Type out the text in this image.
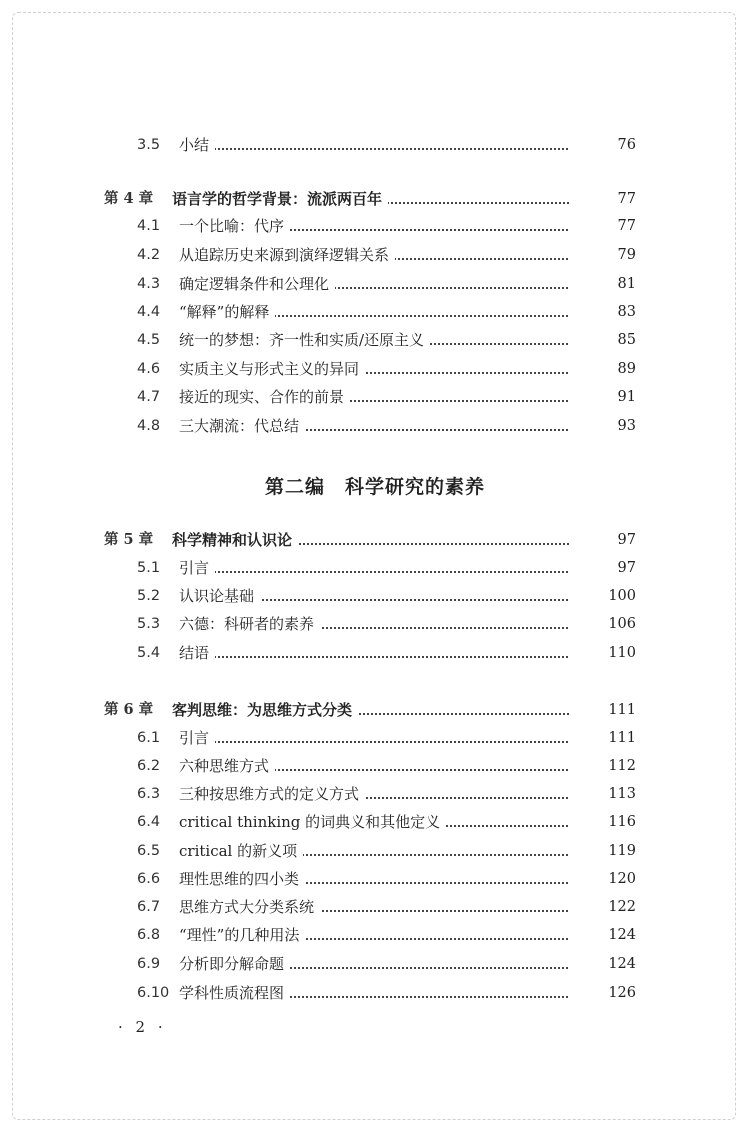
3.5 小结	76
第 4 章 语言学的哲学背景：流派两百年	77
4.1 一个比喻：代序	77
4.2 从追踪历史来源到演绎逻辑关系	79
4.3 确定逻辑条件和公理化	81
4.4 “解释”的解释	83
4.5 统一的梦想：齐一性和实质/还原主义	85
4.6 实质主义与形式主义的异同	89
4.7 接近的现实、合作的前景	91
4.8 三大潮流：代总结	93
第 5 章 科学精神和认识论	97
5.1 引言	97
5.2 认识论基础	100
5.3 六德：科研者的素养	106
5.4 结语	110
第 6 章 客判思维：为思维方式分类	111
6.1 引言	111
6.2 六种思维方式	112
6.3 三种按思维方式的定义方式	113
6.4 critical thinking 的词典义和其他定义	116
6.5 critical 的新义项	119
6.6 理性思维的四小类	120
6.7 思维方式大分类系统	122
6.8 “理性”的几种用法	124
6.9 分析即分解命题	124
6.10 学科性质流程图	126
第二编　科学研究的素养
· 2 ·
